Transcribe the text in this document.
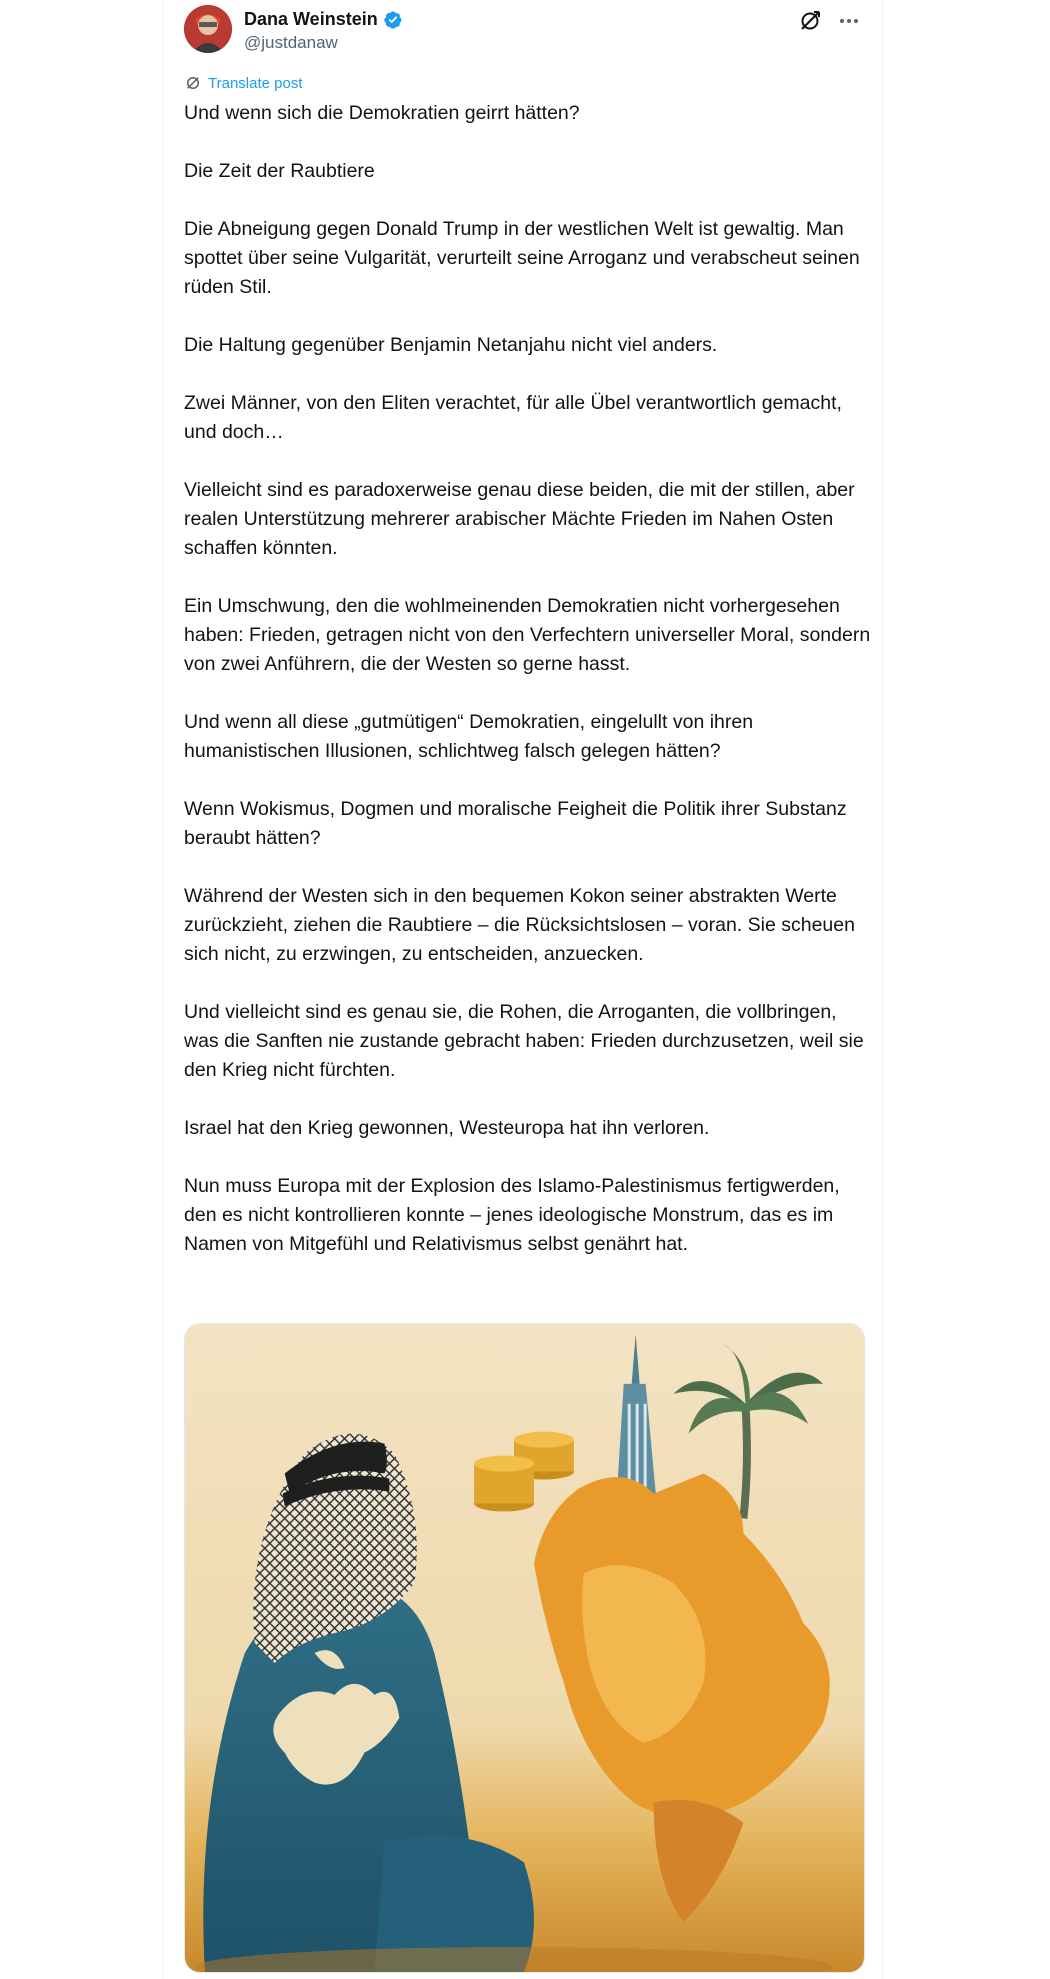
Dana Weinstein
@justdanaw
Translate post

Und wenn sich die Demokratien geirrt hätten?

Die Zeit der Raubtiere

Die Abneigung gegen Donald Trump in der westlichen Welt ist gewaltig. Man spottet über seine Vulgarität, verurteilt seine Arroganz und verabscheut seinen rüden Stil.

Die Haltung gegenüber Benjamin Netanjahu nicht viel anders.

Zwei Männer, von den Eliten verachtet, für alle Übel verantwortlich gemacht, und doch…

Vielleicht sind es paradoxerweise genau diese beiden, die mit der stillen, aber realen Unterstützung mehrerer arabischer Mächte Frieden im Nahen Osten schaffen könnten.

Ein Umschwung, den die wohlmeinenden Demokratien nicht vorhergesehen haben: Frieden, getragen nicht von den Verfechtern universeller Moral, sondern von zwei Anführern, die der Westen so gerne hasst.

Und wenn all diese „gutmütigen“ Demokratien, eingelullt von ihren humanistischen Illusionen, schlichtweg falsch gelegen hätten?

Wenn Wokismus, Dogmen und moralische Feigheit die Politik ihrer Substanz beraubt hätten?

Während der Westen sich in den bequemen Kokon seiner abstrakten Werte zurückzieht, ziehen die Raubtiere – die Rücksichtslosen – voran. Sie scheuen sich nicht, zu erzwingen, zu entscheiden, anzuecken.

Und vielleicht sind es genau sie, die Rohen, die Arroganten, die vollbringen, was die Sanften nie zustande gebracht haben: Frieden durchzusetzen, weil sie den Krieg nicht fürchten.

Israel hat den Krieg gewonnen, Westeuropa hat ihn verloren.

Nun muss Europa mit der Explosion des Islamo-Palestinismus fertigwerden, den es nicht kontrollieren konnte – jenes ideologische Monstrum, das es im Namen von Mitgefühl und Relativismus selbst genährt hat.
